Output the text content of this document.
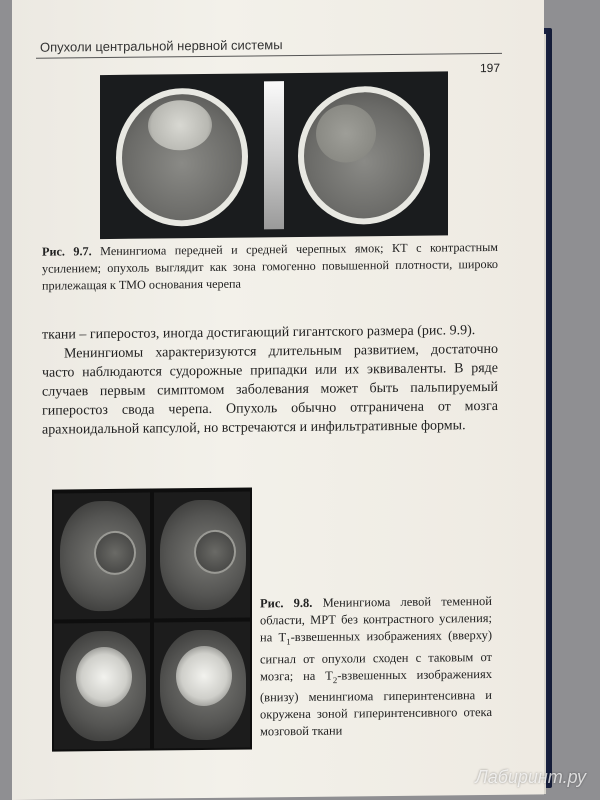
Опухоли центральной нервной системы
197
Рис. 9.7. Менингиома передней и средней черепных ямок; КТ с контрастным усилением; опухоль выглядит как зона гомогенно повышенной плотности, широко прилежащая к ТМО основания черепа

ткани – гиперостоз, иногда достигающий гигантского размера (рис. 9.9).

Менингиомы характеризуются длительным развитием, достаточно часто наблюдаются судорожные припадки или их эквиваленты. В ряде случаев первым симптомом заболевания может быть пальпируемый гиперостоз свода черепа. Опухоль обычно отграничена от мозга арахноидальной капсулой, но встречаются и инфильтративные формы.

Рис. 9.8. Менингиома левой теменной области, МРТ без контрастного усиления; на $T_1$-взвешенных изображениях (вверху) сигнал от опухоли сходен с таковым от мозга; на $T_2$-взвешенных изображениях (внизу) менингиома гиперинтенсивна и окружена зоной гиперинтенсивного отека мозговой ткани
Лабиринт.ру
